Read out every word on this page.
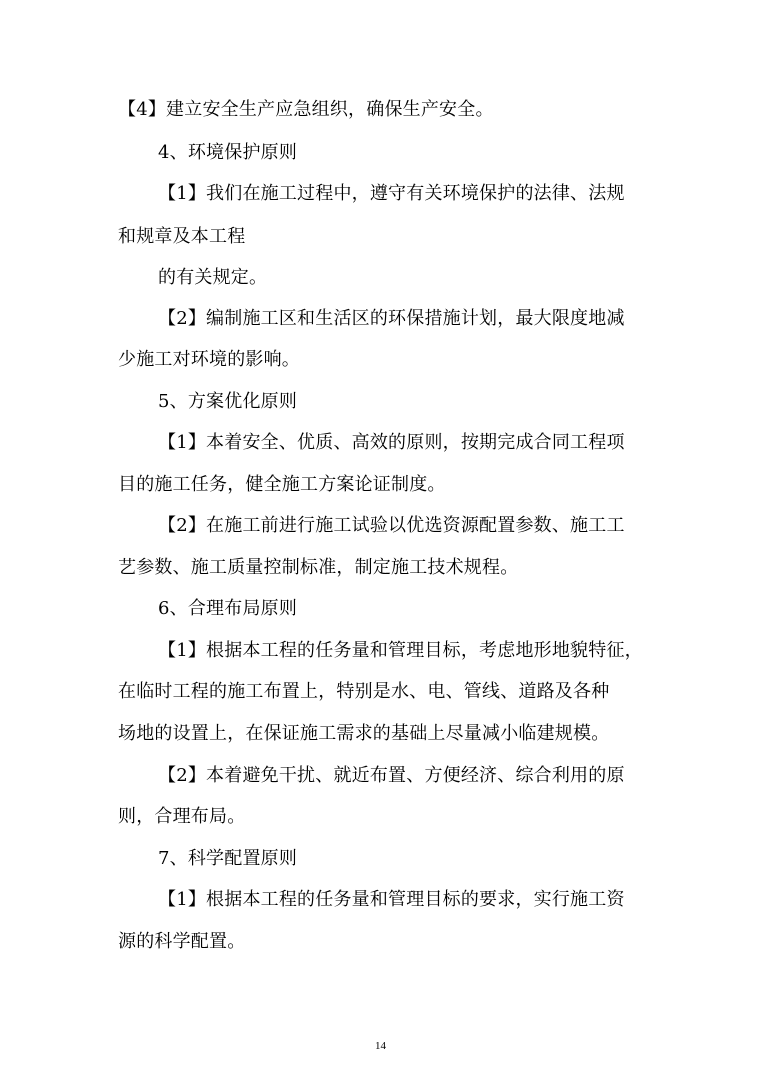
【4】建立安全生产应急组织，确保生产安全。
4、环境保护原则
【1】我们在施工过程中，遵守有关环境保护的法律、法规
和规章及本工程
的有关规定。
【2】编制施工区和生活区的环保措施计划，最大限度地减
少施工对环境的影响。
5、方案优化原则
【1】本着安全、优质、高效的原则，按期完成合同工程项
目的施工任务，健全施工方案论证制度。
【2】在施工前进行施工试验以优选资源配置参数、施工工
艺参数、施工质量控制标准，制定施工技术规程。
6、合理布局原则
【1】根据本工程的任务量和管理目标，考虑地形地貌特征，
在临时工程的施工布置上，特别是水、电、管线、道路及各种
场地的设置上，在保证施工需求的基础上尽量减小临建规模。
【2】本着避免干扰、就近布置、方便经济、综合利用的原
则，合理布局。
7、科学配置原则
【1】根据本工程的任务量和管理目标的要求，实行施工资
源的科学配置。
14
